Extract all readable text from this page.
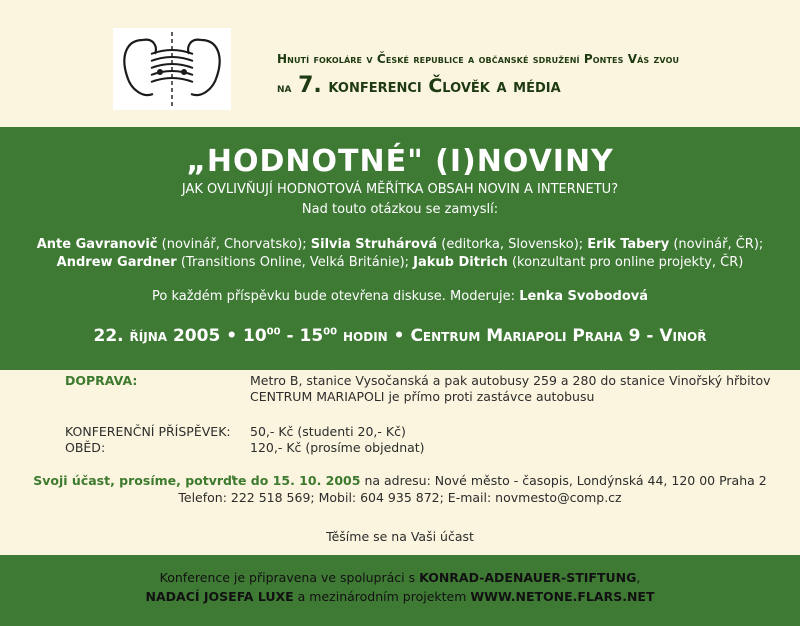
Hnutí fokoláre v České republice a občanské sdružení Pontes Vás zvou
na 7. konferenci Člověk a média
„HODNOTNÉ" (I)NOVINY
JAK OVLIVŇUJÍ HODNOTOVÁ MĚŘÍTKA OBSAH NOVIN A INTERNETU?
Nad touto otázkou se zamyslí:
Ante Gavranovič (novinář, Chorvatsko); Silvia Struhárová (editorka, Slovensko); Erik Tabery (novinář, ČR);
Andrew Gardner (Transitions Online, Velká Británie); Jakub Ditrich (konzultant pro online projekty, ČR)
Po každém příspěvku bude otevřena diskuse. Moderuje: Lenka Svobodová
22. října 2005 • $10^{00} - 15^{00}$ hodin • Centrum Mariapoli Praha 9 - Vinoř
DOPRAVA:	Metro B, stanice Vysočanská a pak autobusy 259 a 280 do stanice Vinořský hřbitov
CENTRUM MARIAPOLI je přímo proti zastávce autobusu
KONFERENČNÍ PŘÍSPĚVEK: 50,- Kč (studenti 20,- Kč)
OBĚD:	120,- Kč (prosíme objednat)
Svoji účast, prosíme, potvrďte do 15. 10. 2005 na adresu: Nové město - časopis, Londýnská 44, 120 00 Praha 2
Telefon: 222 518 569; Mobil: 604 935 872; E-mail: novmesto@comp.cz
Těšíme se na Vaši účast
Konference je připravena ve spolupráci s KONRAD-ADENAUER-STIFTUNG,
NADACÍ JOSEFA LUXE a mezinárodním projektem WWW.NETONE.FLARS.NET
